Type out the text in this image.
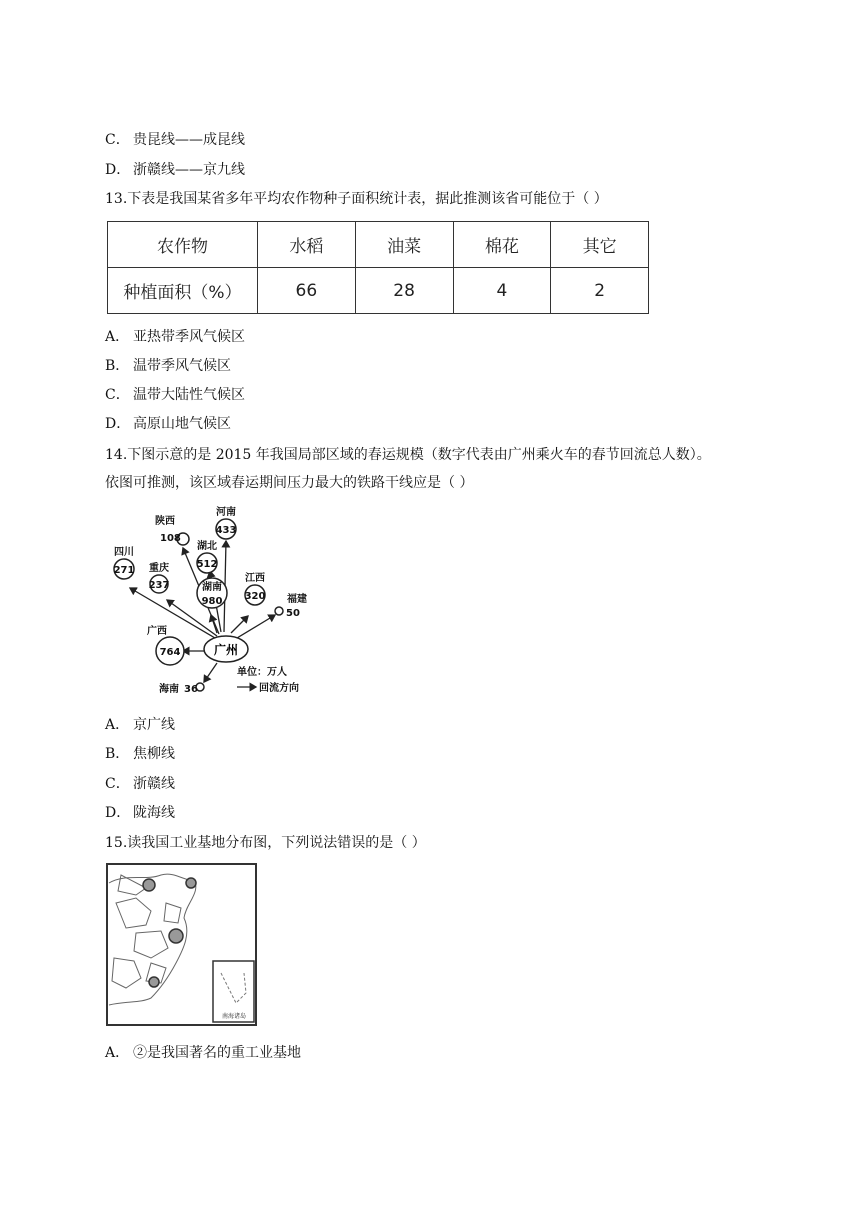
C． 贵昆线——成昆线
D． 浙赣线——京九线
13.下表是我国某省多年平均农作物种子面积统计表，据此推测该省可能位于（ ）
农作物	水稻	油菜	棉花	其它
种植面积（%）	66	28	4	2
A． 亚热带季风气候区
B． 温带季风气候区
C． 温带大陆性气候区
D． 高原山地气候区
14.下图示意的是 2015 年我国局部区域的春运规模（数字代表由广州乘火车的春节回流总人数）。
依图可推测，该区域春运期间压力最大的铁路干线应是（ ）
广州
四川
271
陕西
108
河南
433
重庆
237
湖北
512
湖南
980
江西
320 福建
50
广西
764
海南 36
单位：万人
回流方向
A． 京广线
B． 焦柳线
C． 浙赣线
D． 陇海线
15.读我国工业基地分布图，下列说法错误的是（ ）
南海诸岛
A． ②是我国著名的重工业基地
